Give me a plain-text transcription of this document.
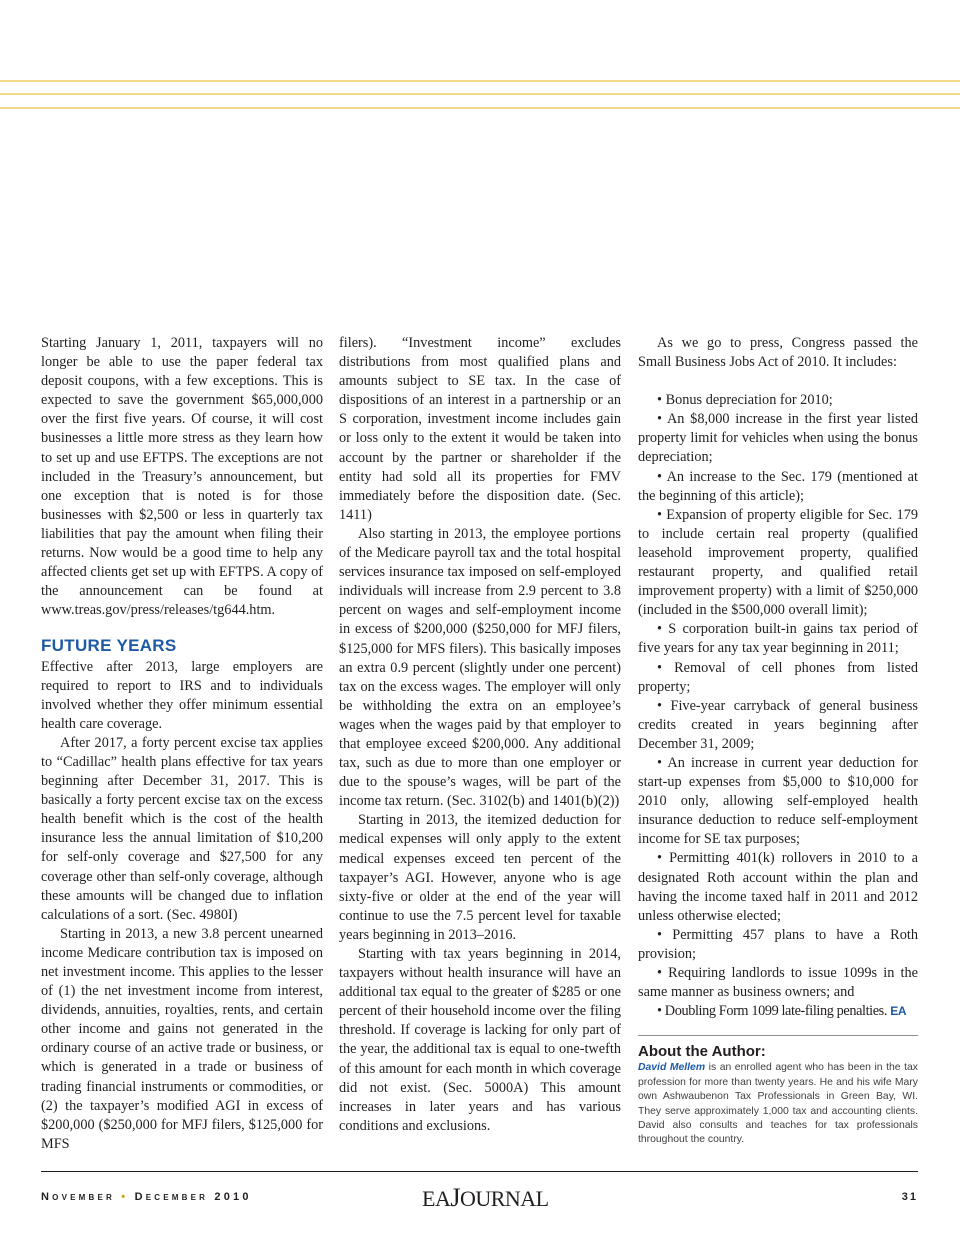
Starting January 1, 2011, taxpayers will no longer be able to use the paper federal tax deposit coupons, with a few exceptions. This is expected to save the government $65,000,000 over the first five years. Of course, it will cost businesses a little more stress as they learn how to set up and use EFTPS. The exceptions are not included in the Treasury’s announcement, but one exception that is noted is for those businesses with $2,500 or less in quarterly tax liabilities that pay the amount when filing their returns. Now would be a good time to help any affected clients get set up with EFTPS. A copy of the announcement can be found at www.treas.gov/press/releases/tg644.htm.

FUTURE YEARS

Effective after 2013, large employers are required to report to IRS and to individuals involved whether they offer minimum essential health care coverage.

After 2017, a forty percent excise tax applies to “Cadillac” health plans effective for tax years beginning after December 31, 2017. This is basically a forty percent excise tax on the excess health benefit which is the cost of the health insurance less the annual limitation of $10,200 for self-only coverage and $27,500 for any coverage other than self-only coverage, although these amounts will be changed due to inflation calculations of a sort. (Sec. 4980I)

Starting in 2013, a new 3.8 percent unearned income Medicare contribution tax is imposed on net investment income. This applies to the lesser of (1) the net investment income from interest, dividends, annuities, royalties, rents, and certain other income and gains not generated in the ordinary course of an active trade or business, or which is generated in a trade or business of trading financial instruments or commodities, or (2) the taxpayer’s modified AGI in excess of $200,000 ($250,000 for MFJ filers, $125,000 for MFS

filers). “Investment income” excludes distributions from most qualified plans and amounts subject to SE tax. In the case of dispositions of an interest in a partnership or an S corporation, investment income includes gain or loss only to the extent it would be taken into account by the partner or shareholder if the entity had sold all its properties for FMV immediately before the disposition date. (Sec. 1411)

Also starting in 2013, the employee portions of the Medicare payroll tax and the total hospital services insurance tax imposed on self-employed individuals will increase from 2.9 percent to 3.8 percent on wages and self-employment income in excess of $200,000 ($250,000 for MFJ filers, $125,000 for MFS filers). This basically imposes an extra 0.9 percent (slightly under one percent) tax on the excess wages. The employer will only be withholding the extra on an employee’s wages when the wages paid by that employer to that employee exceed $200,000. Any additional tax, such as due to more than one employer or due to the spouse’s wages, will be part of the income tax return. (Sec. 3102(b) and 1401(b)(2))

Starting in 2013, the itemized deduction for medical expenses will only apply to the extent medical expenses exceed ten percent of the taxpayer’s AGI. However, anyone who is age sixty-five or older at the end of the year will continue to use the 7.5 percent level for taxable years beginning in 2013–2016.

Starting with tax years beginning in 2014, taxpayers without health insurance will have an additional tax equal to the greater of $285 or one percent of their household income over the filing threshold. If coverage is lacking for only part of the year, the additional tax is equal to one-twefth of this amount for each month in which coverage did not exist. (Sec. 5000A) This amount increases in later years and has various conditions and exclusions.

As we go to press, Congress passed the Small Business Jobs Act of 2010. It includes:

• Bonus depreciation for 2010;

• An $8,000 increase in the first year listed property limit for vehicles when using the bonus depreciation;

• An increase to the Sec. 179 (mentioned at the beginning of this article);

• Expansion of property eligible for Sec. 179 to include certain real property (qualified leasehold improvement property, qualified restaurant property, and qualified retail improvement property) with a limit of $250,000 (included in the $500,000 overall limit);

• S corporation built-in gains tax period of five years for any tax year beginning in 2011;

• Removal of cell phones from listed property;

• Five-year carryback of general business credits created in years beginning after December 31, 2009;

• An increase in current year deduction for start-up expenses from $5,000 to $10,000 for 2010 only, allowing self-employed health insurance deduction to reduce self-employment income for SE tax purposes;

• Permitting 401(k) rollovers in 2010 to a designated Roth account within the plan and having the income taxed half in 2011 and 2012 unless otherwise elected;

• Permitting 457 plans to have a Roth provision;

• Requiring landlords to issue 1099s in the same manner as business owners; and

• Doubling Form 1099 late-filing penalties. EA

About the Author:

David Mellem is an enrolled agent who has been in the tax profession for more than twenty years. He and his wife Mary own Ashwaubenon Tax Professionals in Green Bay, WI. They serve approximately 1,000 tax and accounting clients. David also consults and teaches for tax professionals throughout the country.

November • December 2010	EAJOURNAL	31
